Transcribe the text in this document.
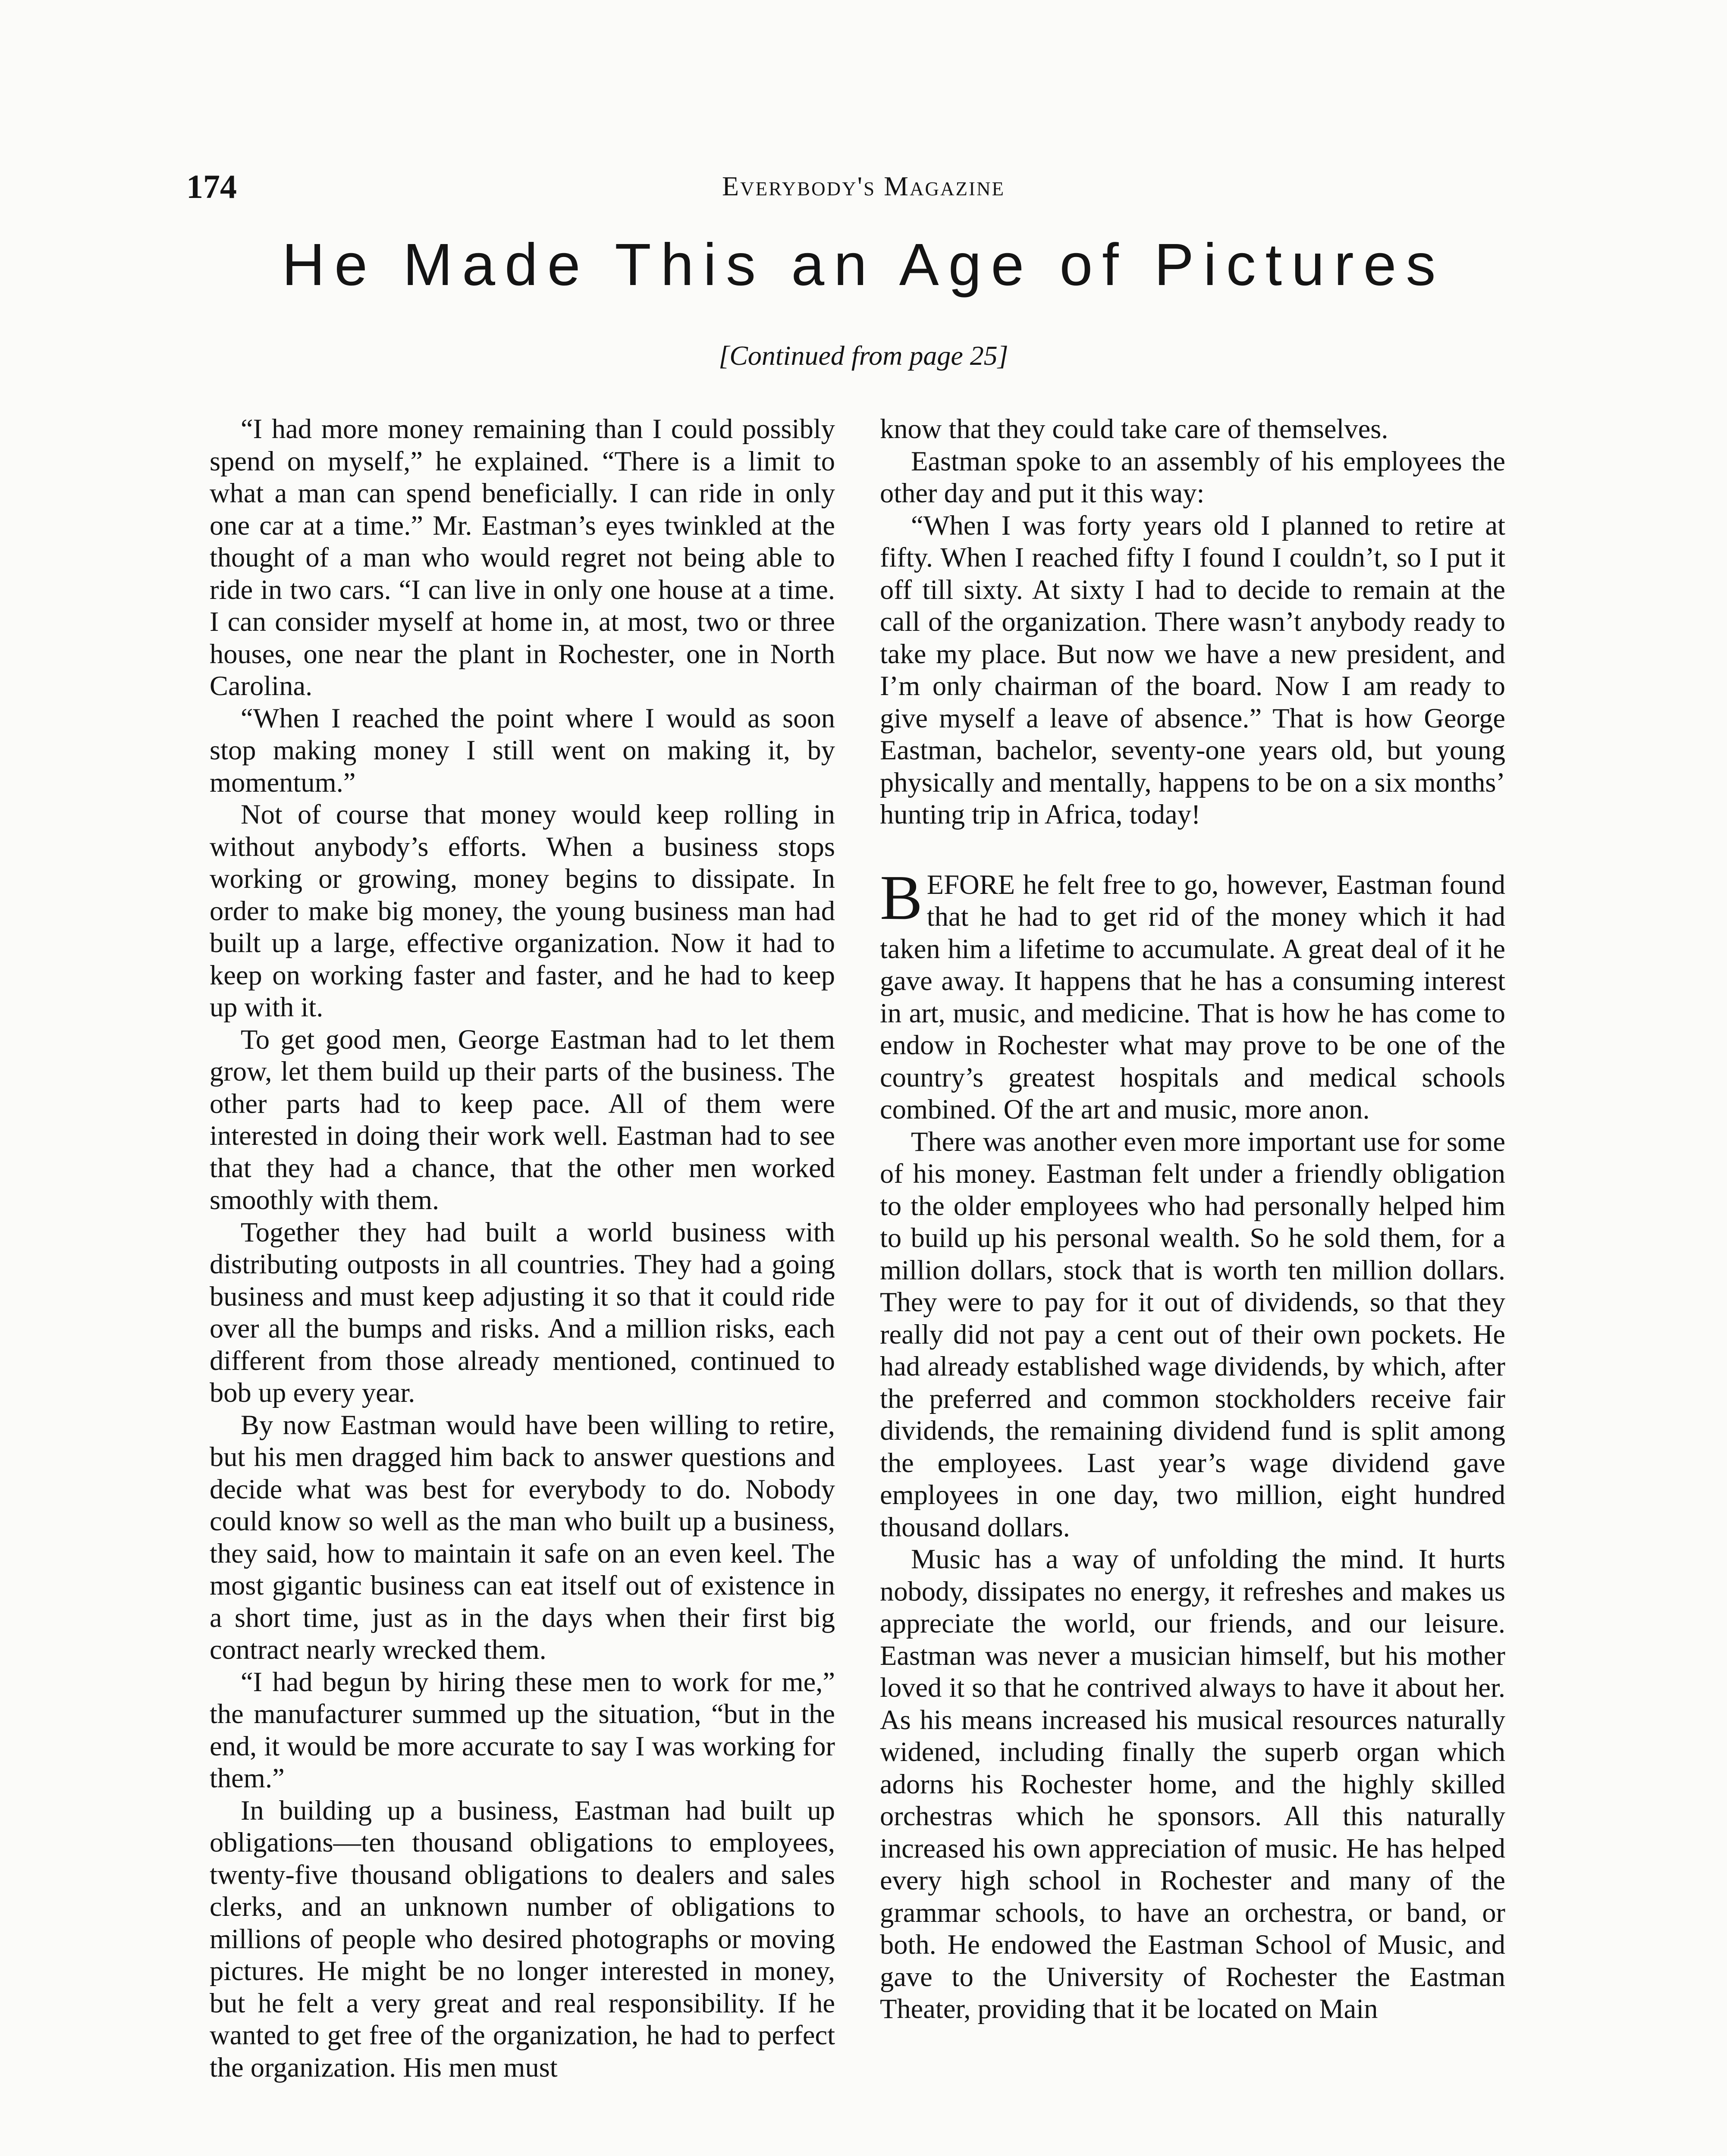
174	Everybody's Magazine
He Made This an Age of Pictures
[Continued from page 25]

“I had more money remaining than I could possibly spend on myself,” he explained. “There is a limit to what a man can spend beneficially. I can ride in only one car at a time.” Mr. Eastman’s eyes twinkled at the thought of a man who would regret not being able to ride in two cars. “I can live in only one house at a time. I can consider myself at home in, at most, two or three houses, one near the plant in Rochester, one in North Carolina.

“When I reached the point where I would as soon stop making money I still went on making it, by momentum.”

Not of course that money would keep rolling in without anybody’s efforts. When a business stops working or growing, money begins to dissipate. In order to make big money, the young business man had built up a large, effective organization. Now it had to keep on working faster and faster, and he had to keep up with it.

To get good men, George Eastman had to let them grow, let them build up their parts of the business. The other parts had to keep pace. All of them were interested in doing their work well. Eastman had to see that they had a chance, that the other men worked smoothly with them.

Together they had built a world business with distributing outposts in all countries. They had a going business and must keep adjusting it so that it could ride over all the bumps and risks. And a million risks, each different from those already mentioned, continued to bob up every year.

By now Eastman would have been willing to retire, but his men dragged him back to answer questions and decide what was best for everybody to do. Nobody could know so well as the man who built up a business, they said, how to maintain it safe on an even keel. The most gigantic business can eat itself out of existence in a short time, just as in the days when their first big contract nearly wrecked them.

“I had begun by hiring these men to work for me,” the manufacturer summed up the situation, “but in the end, it would be more accurate to say I was working for them.”

In building up a business, Eastman had built up obligations—ten thousand obligations to employees, twenty-five thousand obligations to dealers and sales clerks, and an unknown number of obligations to millions of people who desired photographs or moving pictures. He might be no longer interested in money, but he felt a very great and real responsibility. If he wanted to get free of the organization, he had to perfect the organization. His men must

know that they could take care of themselves.

Eastman spoke to an assembly of his employees the other day and put it this way:

“When I was forty years old I planned to retire at fifty. When I reached fifty I found I couldn’t, so I put it off till sixty. At sixty I had to decide to remain at the call of the organization. There wasn’t anybody ready to take my place. But now we have a new president, and I’m only chairman of the board. Now I am ready to give myself a leave of absence.” That is how George Eastman, bachelor, seventy-one years old, but young physically and mentally, happens to be on a six months’ hunting trip in Africa, today!

BEFORE he felt free to go, however, Eastman found that he had to get rid of the money which it had taken him a lifetime to accumulate. A great deal of it he gave away. It happens that he has a consuming interest in art, music, and medicine. That is how he has come to endow in Rochester what may prove to be one of the country’s greatest hospitals and medical schools combined. Of the art and music, more anon.

There was another even more important use for some of his money. Eastman felt under a friendly obligation to the older employees who had personally helped him to build up his personal wealth. So he sold them, for a million dollars, stock that is worth ten million dollars. They were to pay for it out of dividends, so that they really did not pay a cent out of their own pockets. He had already established wage dividends, by which, after the preferred and common stockholders receive fair dividends, the remaining dividend fund is split among the employees. Last year’s wage dividend gave employees in one day, two million, eight hundred thousand dollars.

Music has a way of unfolding the mind. It hurts nobody, dissipates no energy, it refreshes and makes us appreciate the world, our friends, and our leisure. Eastman was never a musician himself, but his mother loved it so that he contrived always to have it about her. As his means increased his musical resources naturally widened, including finally the superb organ which adorns his Rochester home, and the highly skilled orchestras which he sponsors. All this naturally increased his own appreciation of music. He has helped every high school in Rochester and many of the grammar schools, to have an orchestra, or band, or both. He endowed the Eastman School of Music, and gave to the University of Rochester the Eastman Theater, providing that it be located on Main
